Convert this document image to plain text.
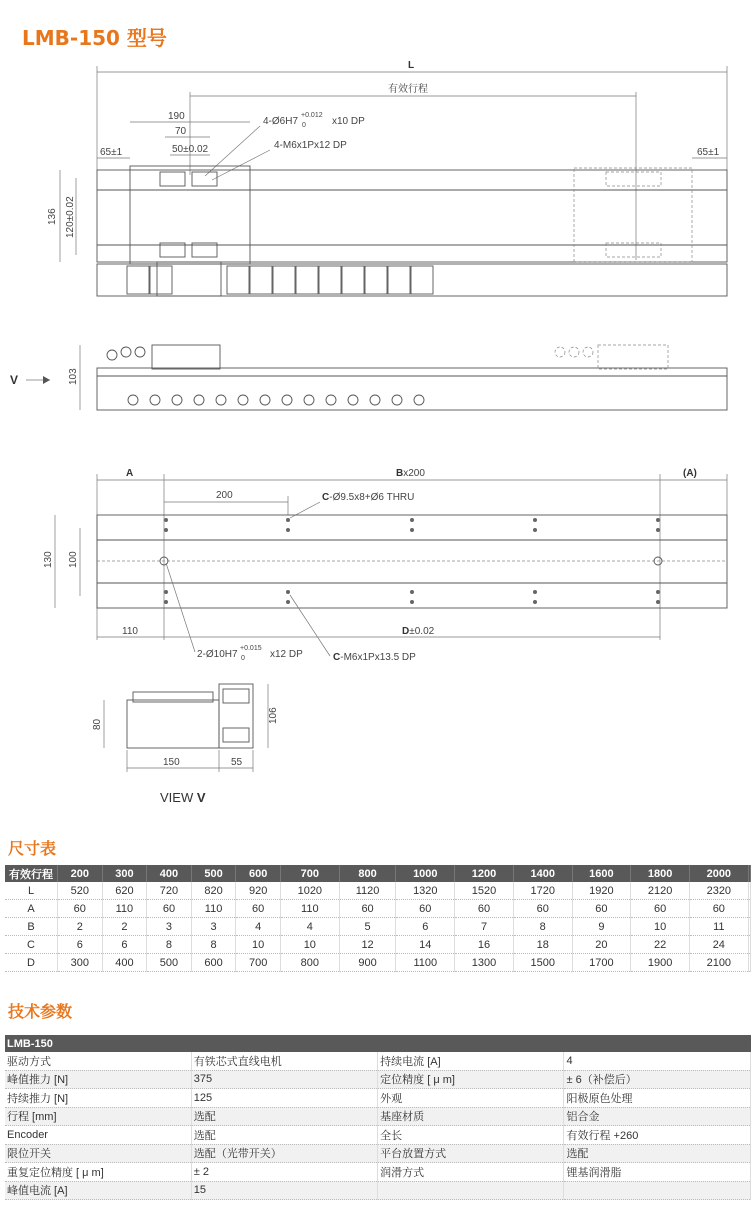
LMB-150 型号
L
有效行程
190
70
50±0.02
65±1	65±1
4-Ø6H7
+0.012
0	x10 DP
4-M6x1Px12 DP
136 120±0.02
V	103
A	Bx200	(A)
200	C-Ø9.5x8+Ø6 THRU
130 100
110	D±0.02
2-Ø10H7
+0.015
0	x12 DP	C-M6x1Px13.5 DP
80
106
150	55
VIEW V
尺寸表
有效行程	200	300	400	500	600	700	800	1000	1200	1400	1600	1800	2000	
L	520	620	720	820	920	1020	1120	1320	1520	1720	1920	2120	2320	
A	60	110	60	110	60	110	60	60	60	60	60	60	60	
B	2	2	3	3	4	4	5	6	7	8	9	10	11	
C	6	6	8	8	10	10	12	14	16	18	20	22	24	
D	300	400	500	600	700	800	900	1100	1300	1500	1700	1900	2100	
技术参数
LMB-150			
驱动方式	有铁芯式直线电机	持续电流 [A]	4
峰值推力 [N]	375	定位精度 [ μ m]	± 6（补偿后）
持续推力 [N]	125	外观	阳极原色处理
行程 [mm]	选配	基座材质	铝合金
Encoder	选配	全长	有效行程 +260
限位开关	选配（光带开关）	平台放置方式	选配
重复定位精度 [ μ m]	± 2	润滑方式	锂基润滑脂
峰值电流 [A]	15		
